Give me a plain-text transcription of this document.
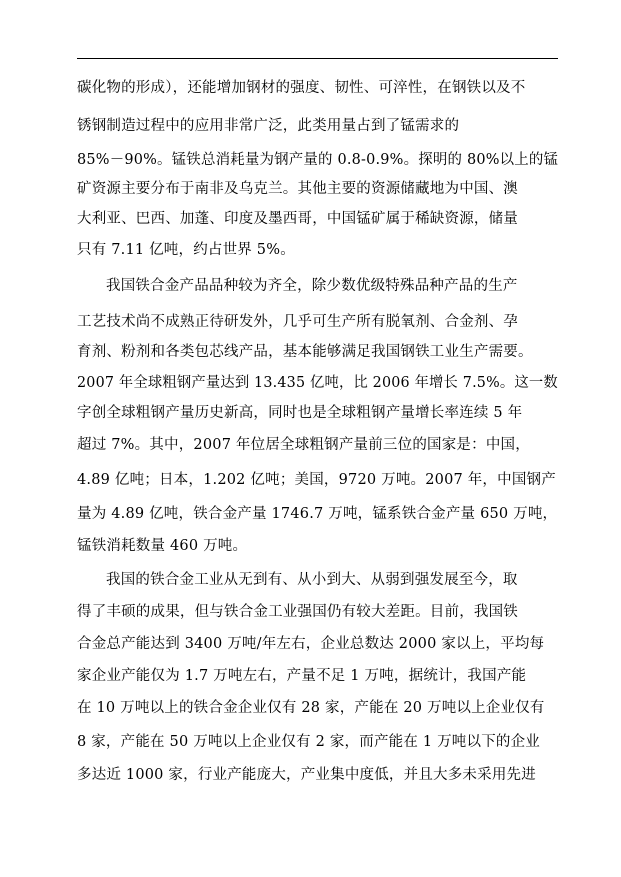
碳化物的形成），还能增加钢材的强度、韧性、可淬性，在钢铁以及不
锈钢制造过程中的应用非常广泛，此类用量占到了锰需求的
85%－90%。锰铁总消耗量为钢产量的 0.8-0.9%。探明的 80%以上的锰
矿资源主要分布于南非及乌克兰。其他主要的资源储藏地为中国、澳
大利亚、巴西、加蓬、印度及墨西哥，中国锰矿属于稀缺资源，储量
只有 7.11 亿吨，约占世界 5%。
我国铁合金产品品种较为齐全，除少数优级特殊品种产品的生产
工艺技术尚不成熟正待研发外，几乎可生产所有脱氧剂、合金剂、孕
育剂、粉剂和各类包芯线产品，基本能够满足我国钢铁工业生产需要。
2007 年全球粗钢产量达到 13.435 亿吨，比 2006 年增长 7.5%。这一数
字创全球粗钢产量历史新高，同时也是全球粗钢产量增长率连续 5 年
超过 7%。其中，2007 年位居全球粗钢产量前三位的国家是：中国，
4.89 亿吨；日本，1.202 亿吨；美国，9720 万吨。2007 年，中国钢产
量为 4.89 亿吨，铁合金产量 1746.7 万吨，锰系铁合金产量 650 万吨，
锰铁消耗数量 460 万吨。
我国的铁合金工业从无到有、从小到大、从弱到强发展至今，取
得了丰硕的成果，但与铁合金工业强国仍有较大差距。目前，我国铁
合金总产能达到 3400 万吨/年左右，企业总数达 2000 家以上，平均每
家企业产能仅为 1.7 万吨左右，产量不足 1 万吨，据统计，我国产能
在 10 万吨以上的铁合金企业仅有 28 家，产能在 20 万吨以上企业仅有
8 家，产能在 50 万吨以上企业仅有 2 家，而产能在 1 万吨以下的企业
多达近 1000 家，行业产能庞大，产业集中度低，并且大多未采用先进
